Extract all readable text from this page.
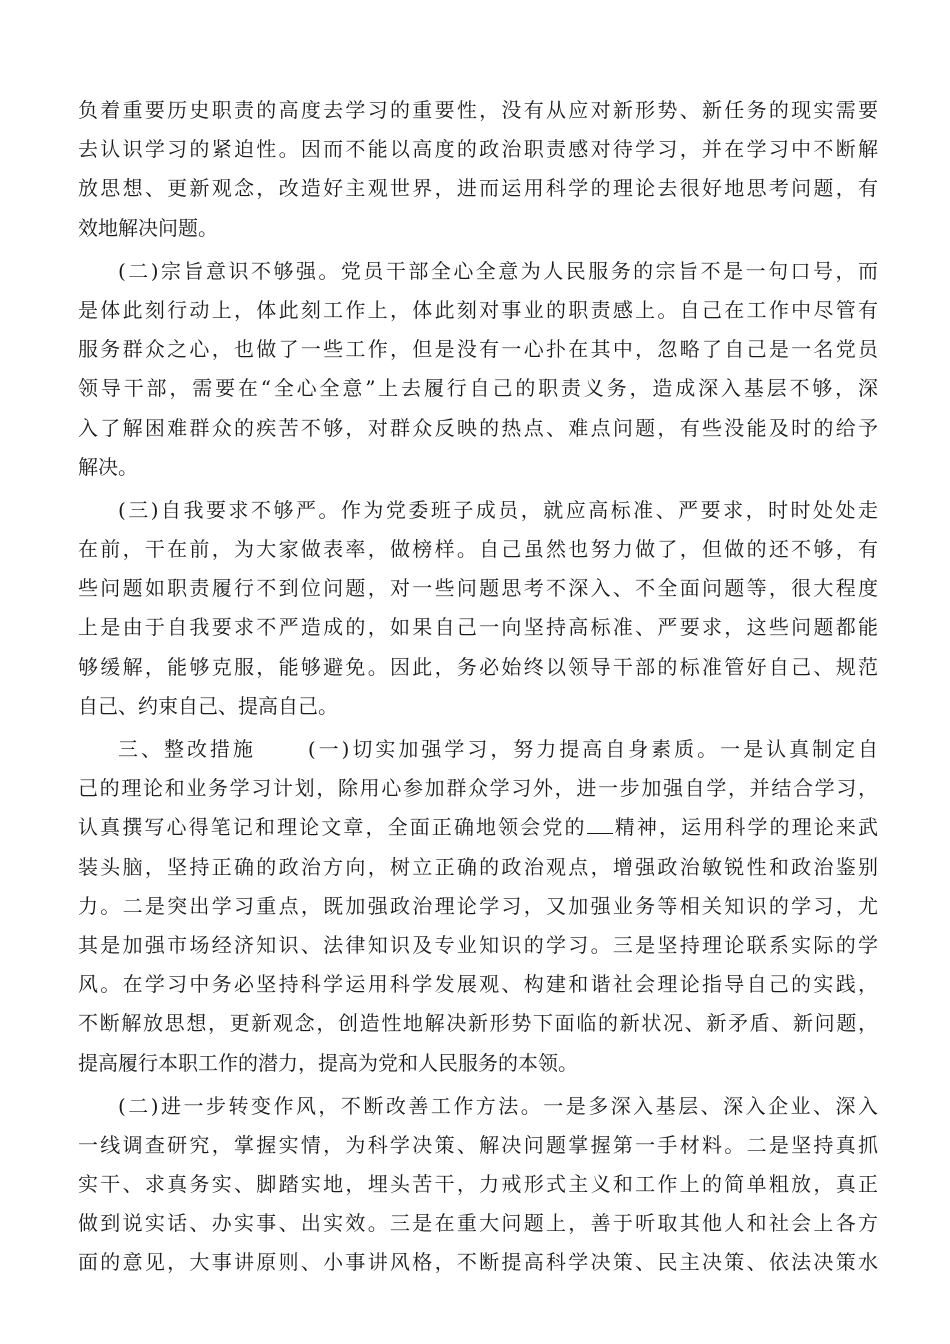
负着重要历史职责的高度去学习的重要性，没有从应对新形势、新任务的现实需要
去认识学习的紧迫性。因而不能以高度的政治职责感对待学习，并在学习中不断解
放思想、更新观念，改造好主观世界，进而运用科学的理论去很好地思考问题，有
效地解决问题。
(二)宗旨意识不够强。党员干部全心全意为人民服务的宗旨不是一句口号，而
是体此刻行动上，体此刻工作上，体此刻对事业的职责感上。自己在工作中尽管有
服务群众之心，也做了一些工作，但是没有一心扑在其中，忽略了自己是一名党员
领导干部，需要在“全心全意”上去履行自己的职责义务，造成深入基层不够，深
入了解困难群众的疾苦不够，对群众反映的热点、难点问题，有些没能及时的给予
解决。
(三)自我要求不够严。作为党委班子成员，就应高标准、严要求，时时处处走
在前，干在前，为大家做表率，做榜样。自己虽然也努力做了，但做的还不够，有
些问题如职责履行不到位问题，对一些问题思考不深入、不全面问题等，很大程度
上是由于自我要求不严造成的，如果自己一向坚持高标准、严要求，这些问题都能
够缓解，能够克服，能够避免。因此，务必始终以领导干部的标准管好自己、规范
自己、约束自己、提高自己。
三、整改措施	(一)切实加强学习，努力提高自身素质。一是认真制定自
己的理论和业务学习计划，除用心参加群众学习外，进一步加强自学，并结合学习，
认真撰写心得笔记和理论文章，全面正确地领会党的 精神，运用科学的理论来武
装头脑，坚持正确的政治方向，树立正确的政治观点，增强政治敏锐性和政治鉴别
力。二是突出学习重点，既加强政治理论学习，又加强业务等相关知识的学习，尤
其是加强市场经济知识、法律知识及专业知识的学习。三是坚持理论联系实际的学
风。在学习中务必坚持科学运用科学发展观、构建和谐社会理论指导自己的实践，
不断解放思想，更新观念，创造性地解决新形势下面临的新状况、新矛盾、新问题，
提高履行本职工作的潜力，提高为党和人民服务的本领。
(二)进一步转变作风，不断改善工作方法。一是多深入基层、深入企业、深入
一线调查研究，掌握实情，为科学决策、解决问题掌握第一手材料。二是坚持真抓
实干、求真务实、脚踏实地，埋头苦干，力戒形式主义和工作上的简单粗放，真正
做到说实话、办实事、出实效。三是在重大问题上，善于听取其他人和社会上各方
面的意见，大事讲原则、小事讲风格，不断提高科学决策、民主决策、依法决策水
